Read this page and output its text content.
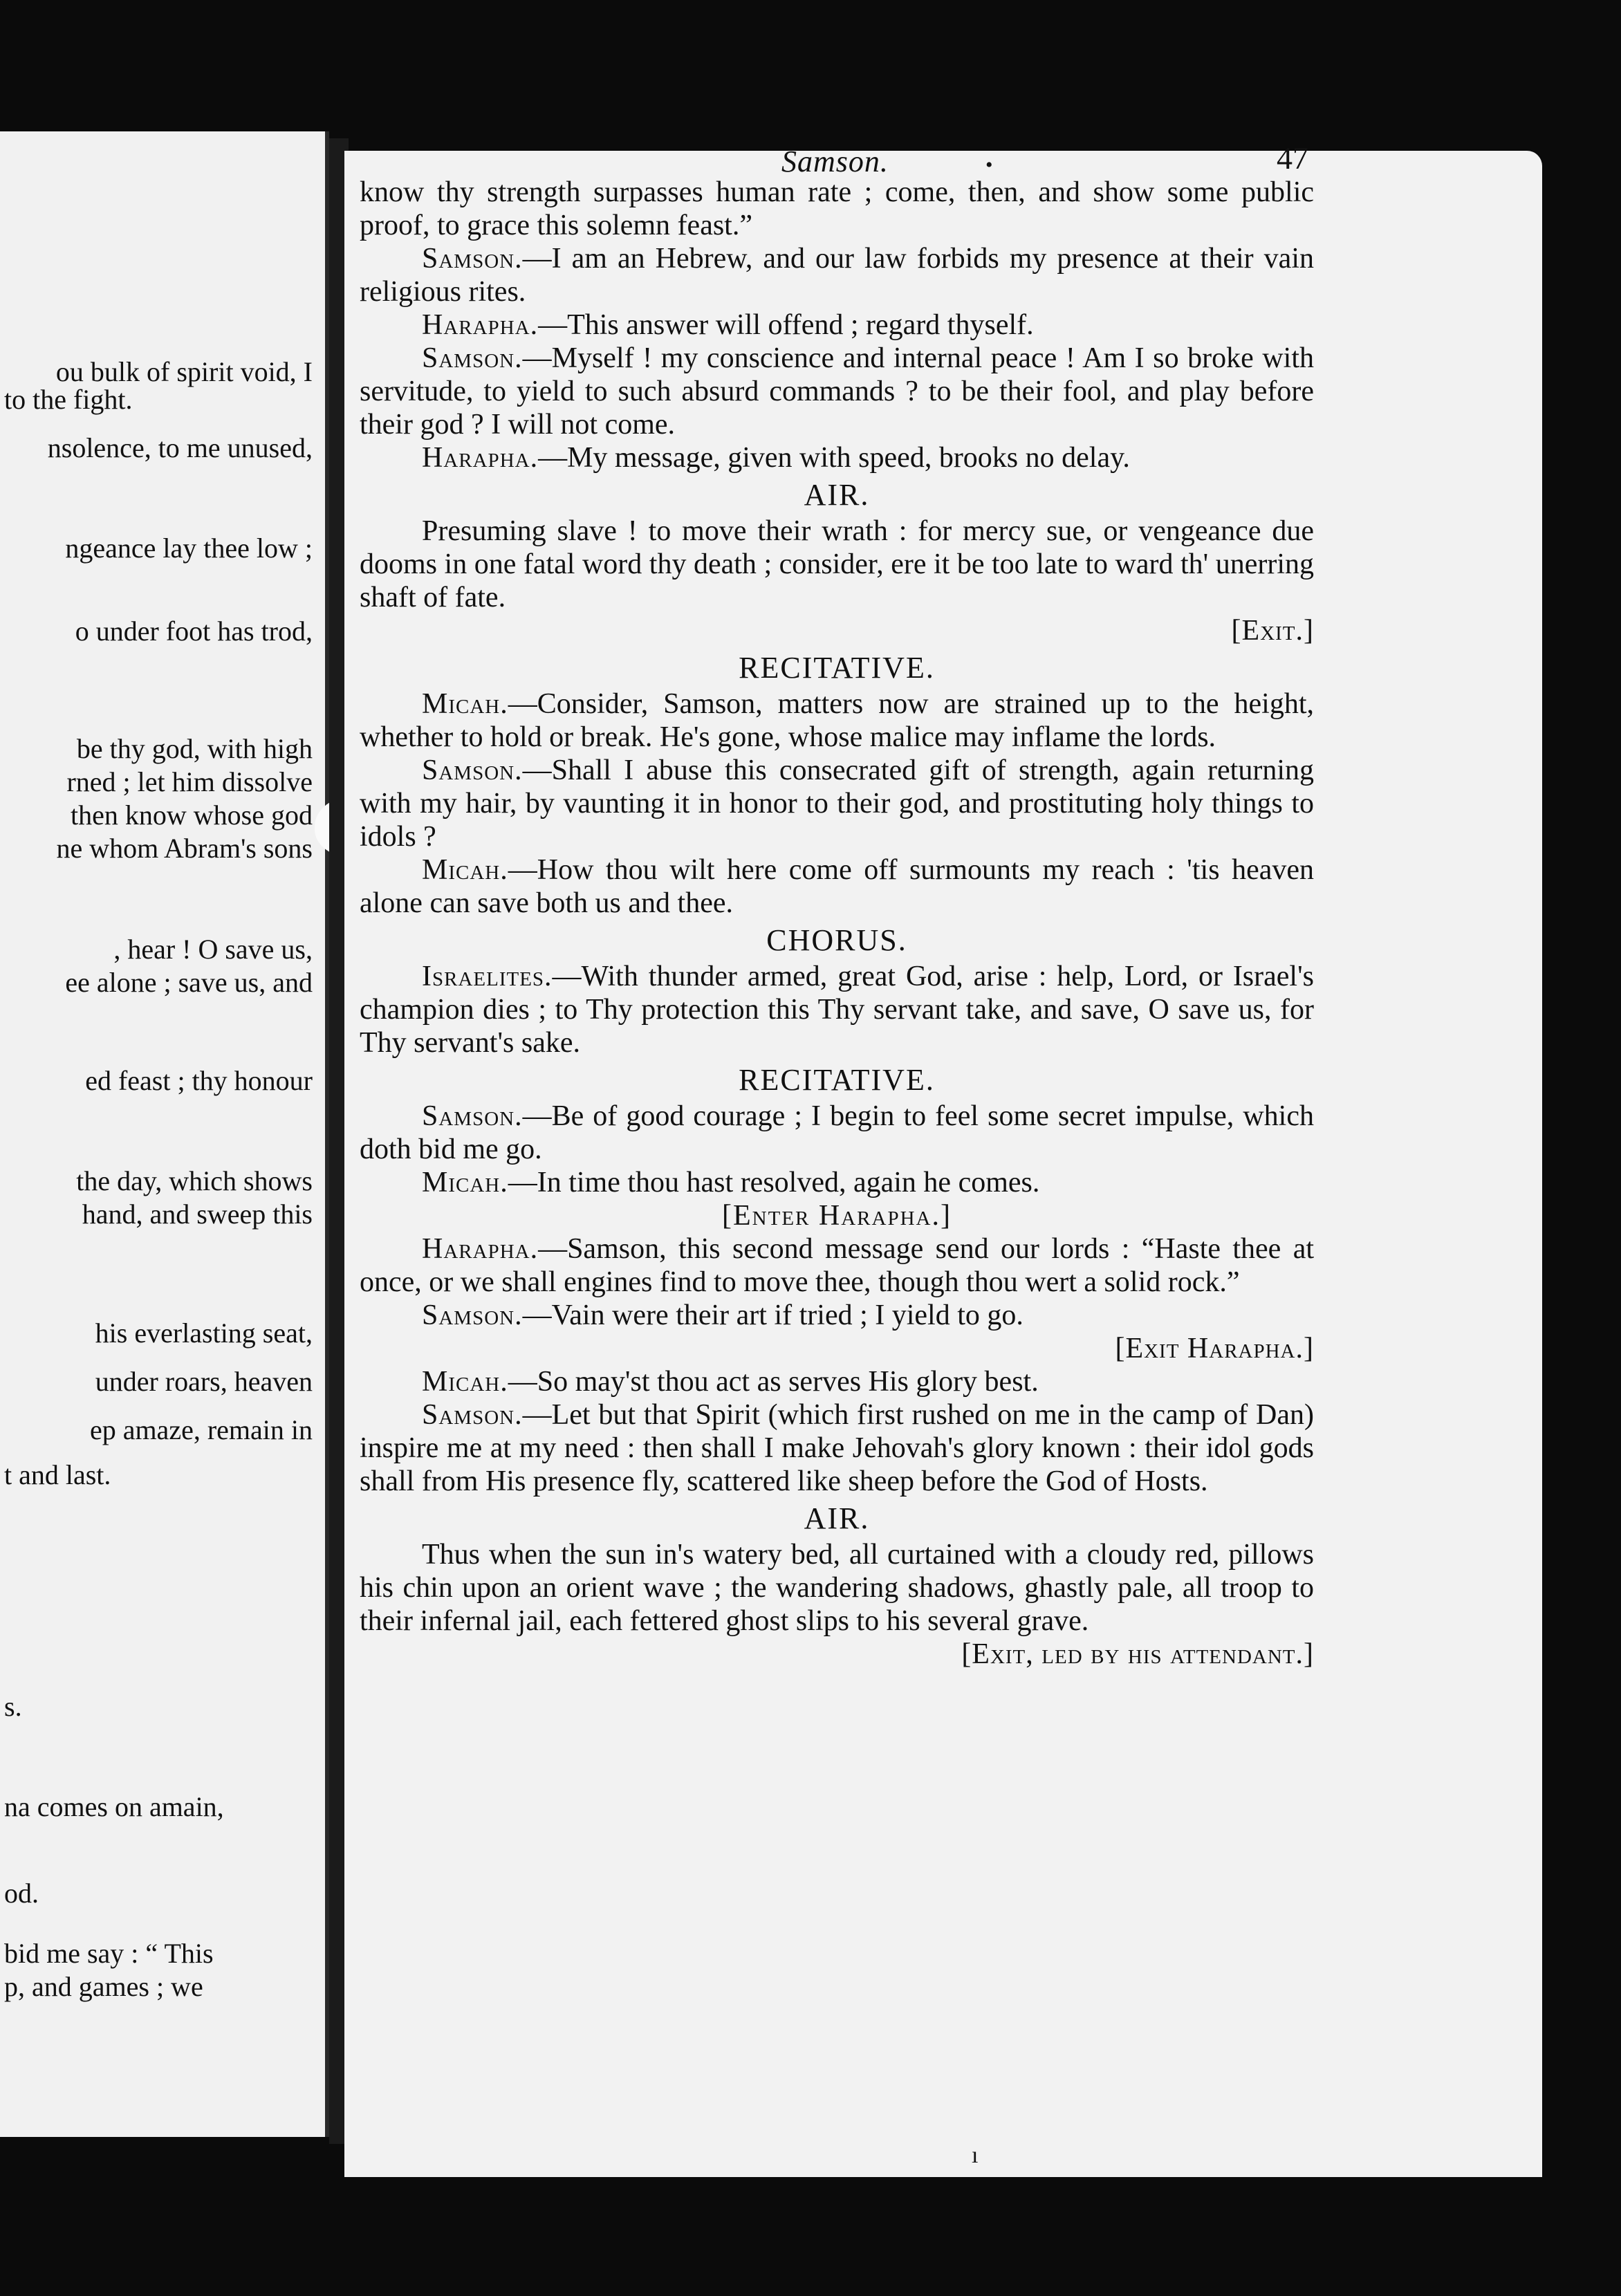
ou bulk of spirit void, I
to the fight.
nsolence, to me unused,
ngeance lay thee low ;
o under foot has trod,
be thy god, with high
rned ; let him dissolve
then know whose god
ne whom Abram's sons
, hear ! O save us,
ee alone ; save us, and
ed feast ; thy honour
the day, which shows
hand, and sweep this
his everlasting seat,
under roars, heaven
ep amaze, remain in
t and last.
s.
na comes on amain,
od.
bid me say : “ This
p, and games ; we
Samson.	•	47

know thy strength surpasses human rate ; come, then, and show some public proof, to grace this solemn feast.”

Samson.—I am an Hebrew, and our law forbids my presence at their vain religious rites.

Harapha.—This answer will offend ; regard thyself.

Samson.—Myself ! my conscience and internal peace ! Am I so broke with servitude, to yield to such absurd commands ? to be their fool, and play before their god ? I will not come.

Harapha.—My message, given with speed, brooks no delay.

AIR.

Presuming slave ! to move their wrath : for mercy sue, or vengeance due dooms in one fatal word thy death ; consider, ere it be too late to ward th' unerring shaft of fate.

[Exit.]
RECITATIVE.

Micah.—Consider, Samson, matters now are strained up to the height, whether to hold or break. He's gone, whose malice may inflame the lords.

Samson.—Shall I abuse this consecrated gift of strength, again returning with my hair, by vaunting it in honor to their god, and prostituting holy things to idols ?

Micah.—How thou wilt here come off surmounts my reach : 'tis heaven alone can save both us and thee.

CHORUS.

Israelites.—With thunder armed, great God, arise : help, Lord, or Israel's champion dies ; to Thy protection this Thy servant take, and save, O save us, for Thy servant's sake.

RECITATIVE.

Samson.—Be of good courage ; I begin to feel some secret impulse, which doth bid me go.

Micah.—In time thou hast resolved, again he comes.

[Enter Harapha.]

Harapha.—Samson, this second message send our lords : “Haste thee at once, or we shall engines find to move thee, though thou wert a solid rock.”

Samson.—Vain were their art if tried ; I yield to go.

[Exit Harapha.]

Micah.—So may'st thou act as serves His glory best.

Samson.—Let but that Spirit (which first rushed on me in the camp of Dan) inspire me at my need : then shall I make Jehovah's glory known : their idol gods shall from His presence fly, scattered like sheep before the God of Hosts.

AIR.

Thus when the sun in's watery bed, all curtained with a cloudy red, pillows his chin upon an orient wave ; the wandering shadows, ghastly pale, all troop to their infernal jail, each fettered ghost slips to his several grave.

[Exit, led by his attendant.]
ı
